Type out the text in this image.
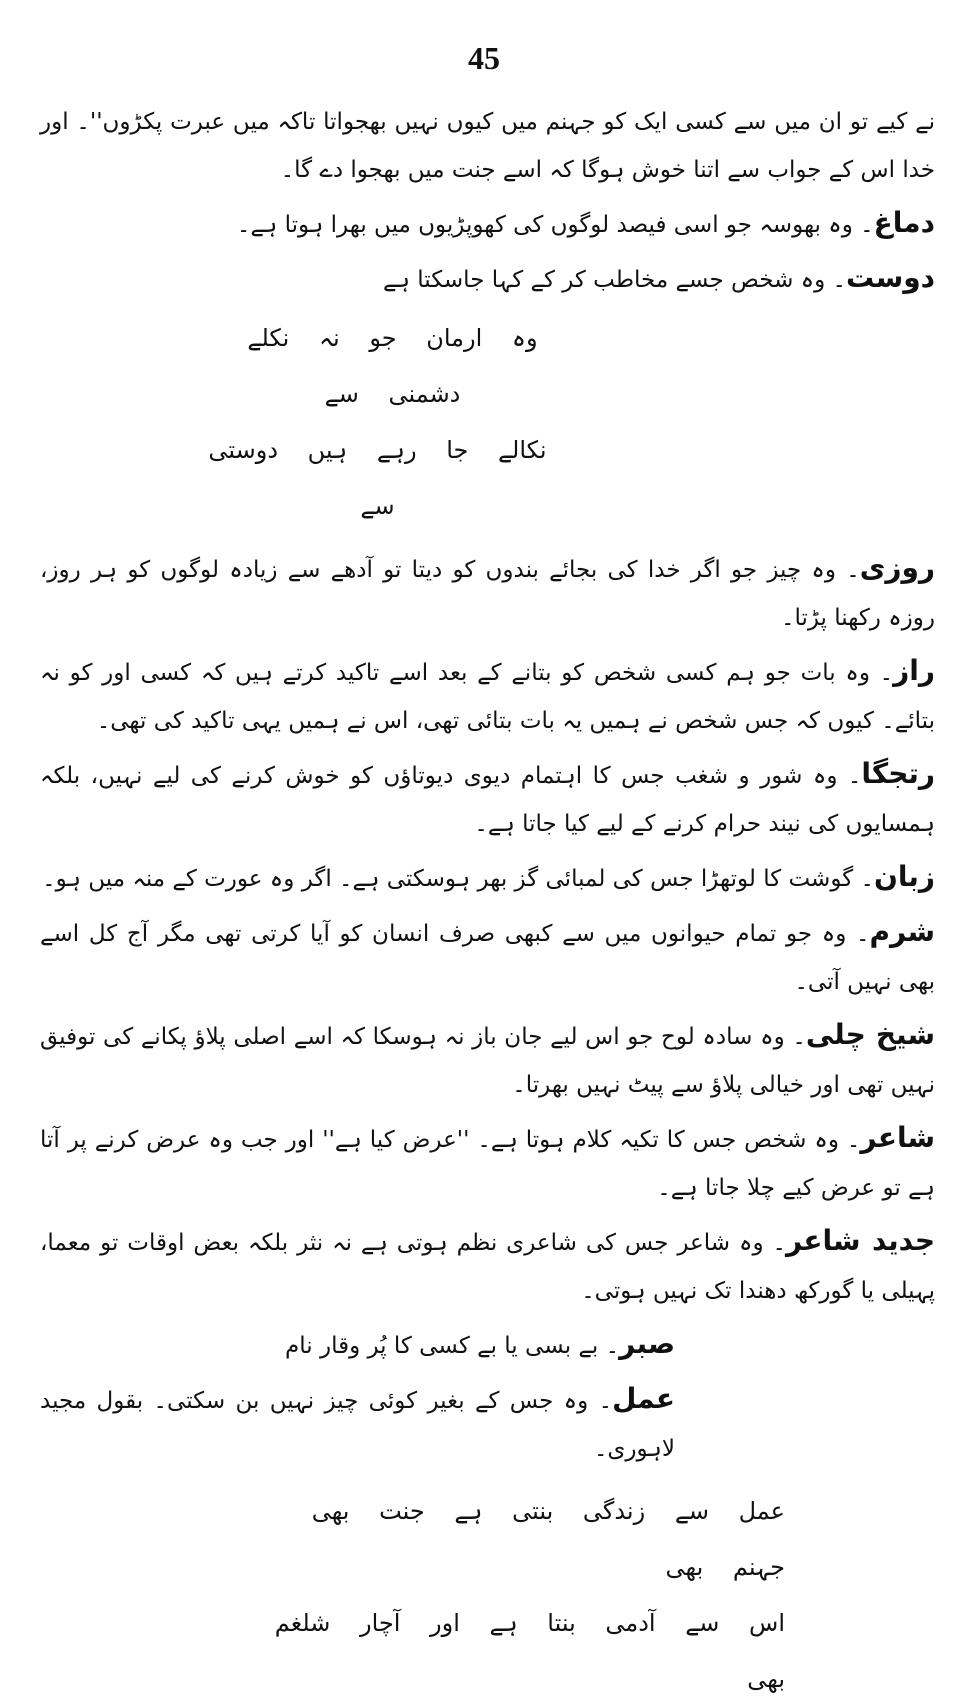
45

نے کیے تو ان میں سے کسی ایک کو جہنم میں کیوں نہیں بھجواتا تاکہ میں عبرت پکڑوں''۔ اور خدا اس کے جواب سے اتنا خوش ہوگا کہ اسے جنت میں بھجوا دے گا۔

دماغ۔ وہ بھوسہ جو اسی فیصد لوگوں کی کھوپڑیوں میں بھرا ہوتا ہے۔

دوست۔ وہ شخص جسے مخاطب کر کے کہا جاسکتا ہے

وہ ارمان جو نہ نکلے دشمنی سے
نکالے جا رہے ہیں دوستی سے

روزی۔ وہ چیز جو اگر خدا کی بجائے بندوں کو دیتا تو آدھے سے زیادہ لوگوں کو ہر روز، روزہ رکھنا پڑتا۔

راز۔ وہ بات جو ہم کسی شخص کو بتانے کے بعد اسے تاکید کرتے ہیں کہ کسی اور کو نہ بتائے۔ کیوں کہ جس شخص نے ہمیں یہ بات بتائی تھی، اس نے ہمیں یہی تاکید کی تھی۔

رتجگا۔ وہ شور و شغب جس کا اہتمام دیوی دیوتاؤں کو خوش کرنے کی لیے نہیں، بلکہ ہمسایوں کی نیند حرام کرنے کے لیے کیا جاتا ہے۔

زبان۔ گوشت کا لوتھڑا جس کی لمبائی گز بھر ہوسکتی ہے۔ اگر وہ عورت کے منہ میں ہو۔

شرم۔ وہ جو تمام حیوانوں میں سے کبھی صرف انسان کو آیا کرتی تھی مگر آج کل اسے بھی نہیں آتی۔

شیخ چلی۔ وہ سادہ لوح جو اس لیے جان باز نہ ہوسکا کہ اسے اصلی پلاؤ پکانے کی توفیق نہیں تھی اور خیالی پلاؤ سے پیٹ نہیں بھرتا۔

شاعر۔ وہ شخص جس کا تکیہ کلام ہوتا ہے۔ ''عرض کیا ہے'' اور جب وہ عرض کرنے پر آتا ہے تو عرض کیے چلا جاتا ہے۔

جدید شاعر۔ وہ شاعر جس کی شاعری نظم ہوتی ہے نہ نثر بلکہ بعض اوقات تو معما، پہیلی یا گورکھ دھندا تک نہیں ہوتی۔

صبر۔ بے بسی یا بے کسی کا پُر وقار نام

عمل۔ وہ جس کے بغیر کوئی چیز نہیں بن سکتی۔ بقول مجید لاہوری۔

عمل سے زندگی بنتی ہے جنت بھی جہنم بھی
اس سے آدمی بنتا ہے اور آچار شلغم بھی
